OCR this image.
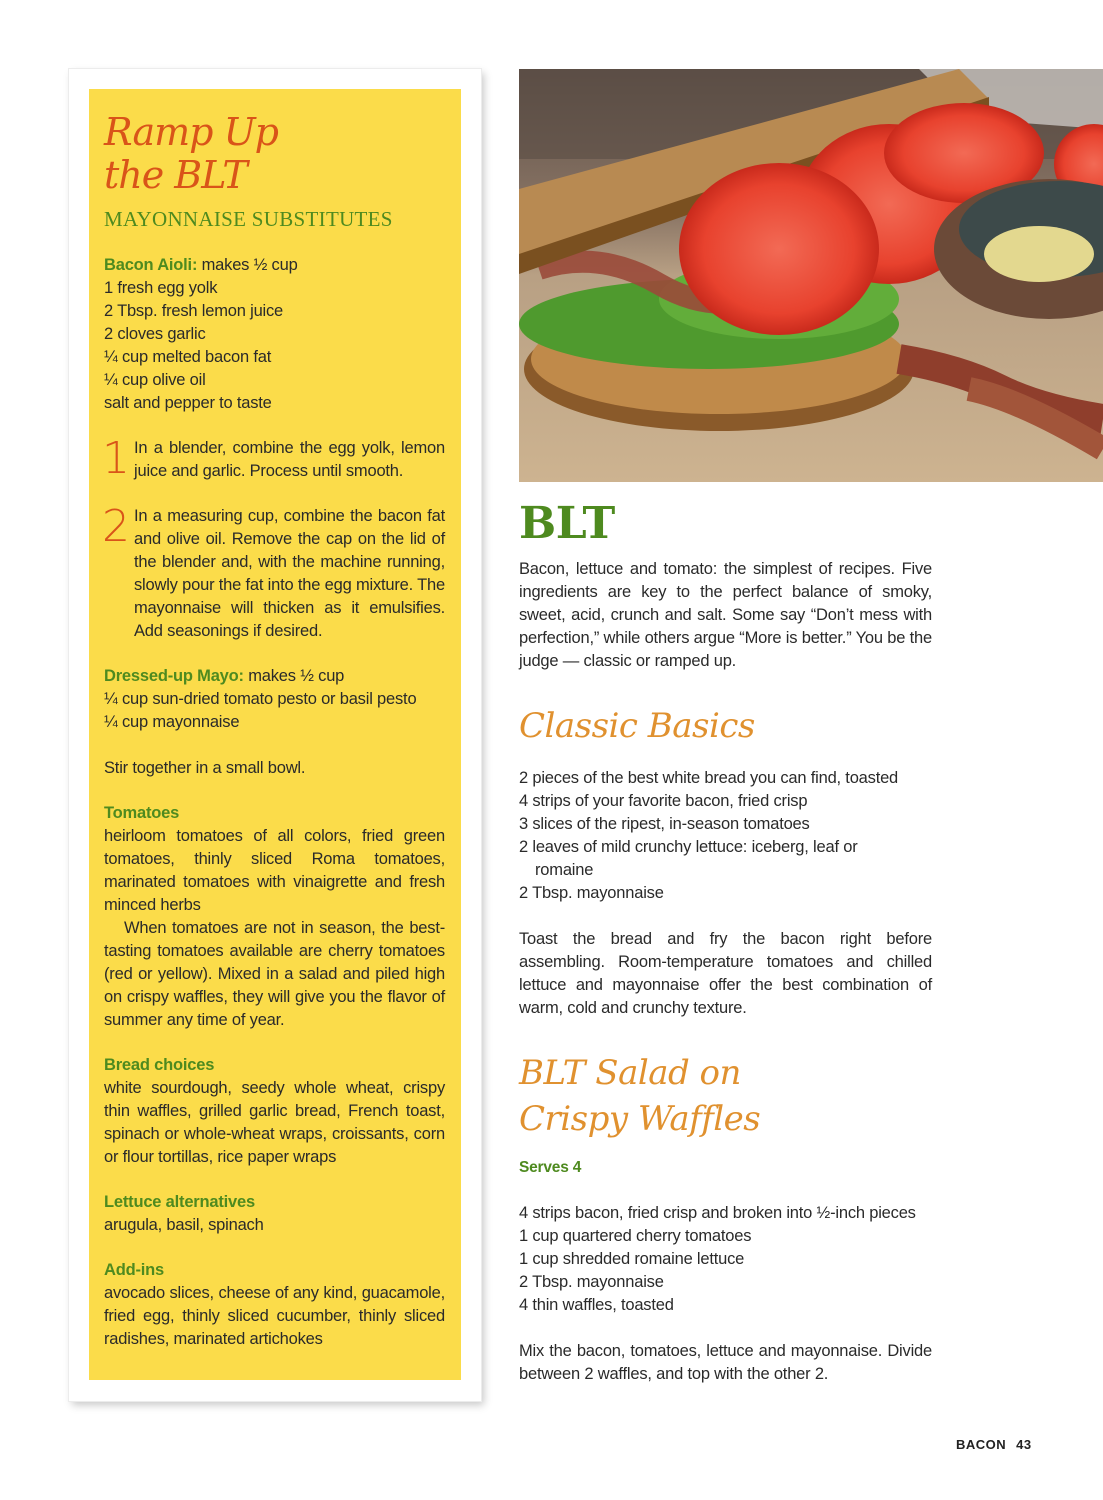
Ramp Up
the BLT
MAYONNAISE SUBSTITUTES
Bacon Aioli: makes ½ cup
1 fresh egg yolk
2 Tbsp. fresh lemon juice
2 cloves garlic
¼ cup melted bacon fat
¼ cup olive oil
salt and pepper to taste
1 In a blender, combine the egg yolk, lemon juice and garlic. Process until smooth.
2 In a measuring cup, combine the bacon fat and olive oil. Remove the cap on the lid of the blender and, with the machine running, slowly pour the fat into the egg mixture. The mayonnaise will thicken as it emulsifies. Add seasonings if desired.
Dressed-up Mayo: makes ½ cup
¼ cup sun-dried tomato pesto or basil pesto
¼ cup mayonnaise
Stir together in a small bowl.
Tomatoes
heirloom tomatoes of all colors, fried green tomatoes, thinly sliced Roma tomatoes, marinated tomatoes with vinaigrette and fresh minced herbs
When tomatoes are not in season, the best-tasting tomatoes available are cherry tomatoes (red or yellow). Mixed in a salad and piled high on crispy waffles, they will give you the flavor of summer any time of year.
Bread choices
white sourdough, seedy whole wheat, crispy thin waffles, grilled garlic bread, French toast, spinach or whole-wheat wraps, croissants, corn or flour tortillas, rice paper wraps
Lettuce alternatives
arugula, basil, spinach
Add-ins
avocado slices, cheese of any kind, guacamole, fried egg, thinly sliced cucumber, thinly sliced radishes, marinated artichokes
BLT

Bacon, lettuce and tomato: the simplest of recipes. Five ingredients are key to the perfect balance of smoky, sweet, acid, crunch and salt. Some say “Don’t mess with perfection,” while others argue “More is better.” You be the judge — classic or ramped up.

Classic Basics
2 pieces of the best white bread you can find, toasted
4 strips of your favorite bacon, fried crisp
3 slices of the ripest, in-season tomatoes
2 leaves of mild crunchy lettuce: iceberg, leaf or romaine
2 Tbsp. mayonnaise

Toast the bread and fry the bacon right before assembling. Room-temperature tomatoes and chilled lettuce and mayonnaise offer the best combination of warm, cold and crunchy texture.

BLT Salad on
Crispy Waffles
Serves 4
4 strips bacon, fried crisp and broken into ½-inch pieces
1 cup quartered cherry tomatoes
1 cup shredded romaine lettuce
2 Tbsp. mayonnaise
4 thin waffles, toasted

Mix the bacon, tomatoes, lettuce and mayonnaise. Divide between 2 waffles, and top with the other 2.

BACON 43
